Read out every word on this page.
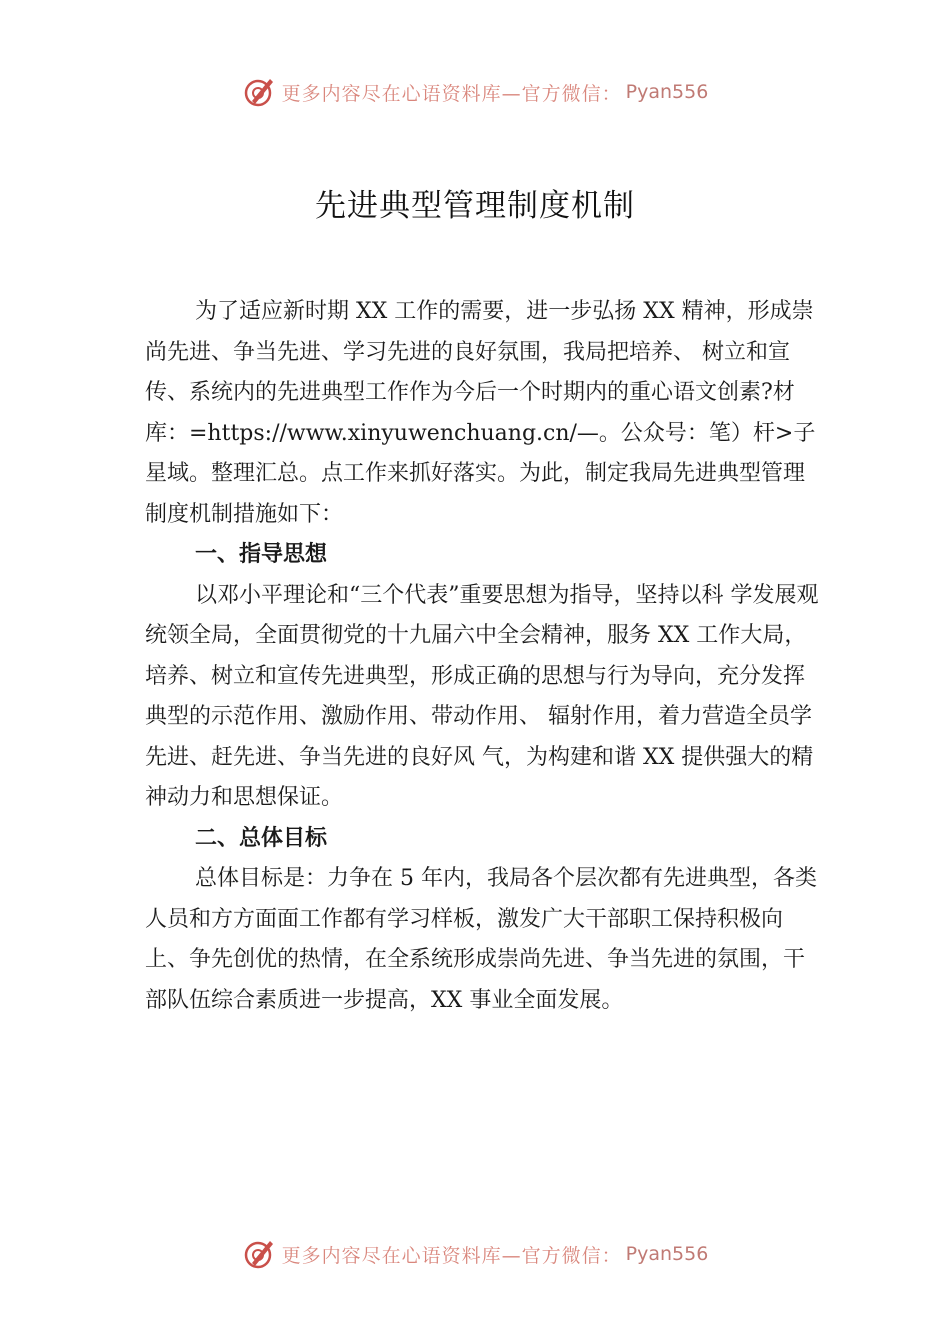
更多内容尽在心语资料库—官方微信： Pyan556
先进典型管理制度机制

为了适应新时期 XX 工作的需要，进一步弘扬 XX 精神，形成崇尚先进、争当先进、学习先进的良好氛围，我局把培养、 树立和宣传、系统内的先进典型工作作为今后一个时期内的重心语文创素?材库：=https://www.xinyuwenchuang.cn/—。公众号：笔）杆>子星域。整理汇总。点工作来抓好落实。为此，制定我局先进典型管理制度机制措施如下：

一、指导思想

以邓小平理论和“三个代表”重要思想为指导，坚持以科 学发展观统领全局，全面贯彻党的十九届六中全会精神，服务 XX 工作大局，培养、树立和宣传先进典型，形成正确的思想与行为导向，充分发挥典型的示范作用、激励作用、带动作用、 辐射作用，着力营造全员学先进、赶先进、争当先进的良好风 气，为构建和谐 XX 提供强大的精神动力和思想保证。

二、总体目标

总体目标是：力争在 5 年内，我局各个层次都有先进典型，各类人员和方方面面工作都有学习样板，激发广大干部职工保持积极向上、争先创优的热情，在全系统形成崇尚先进、争当先进的氛围，干部队伍综合素质进一步提高，XX 事业全面发展。

更多内容尽在心语资料库—官方微信： Pyan556
